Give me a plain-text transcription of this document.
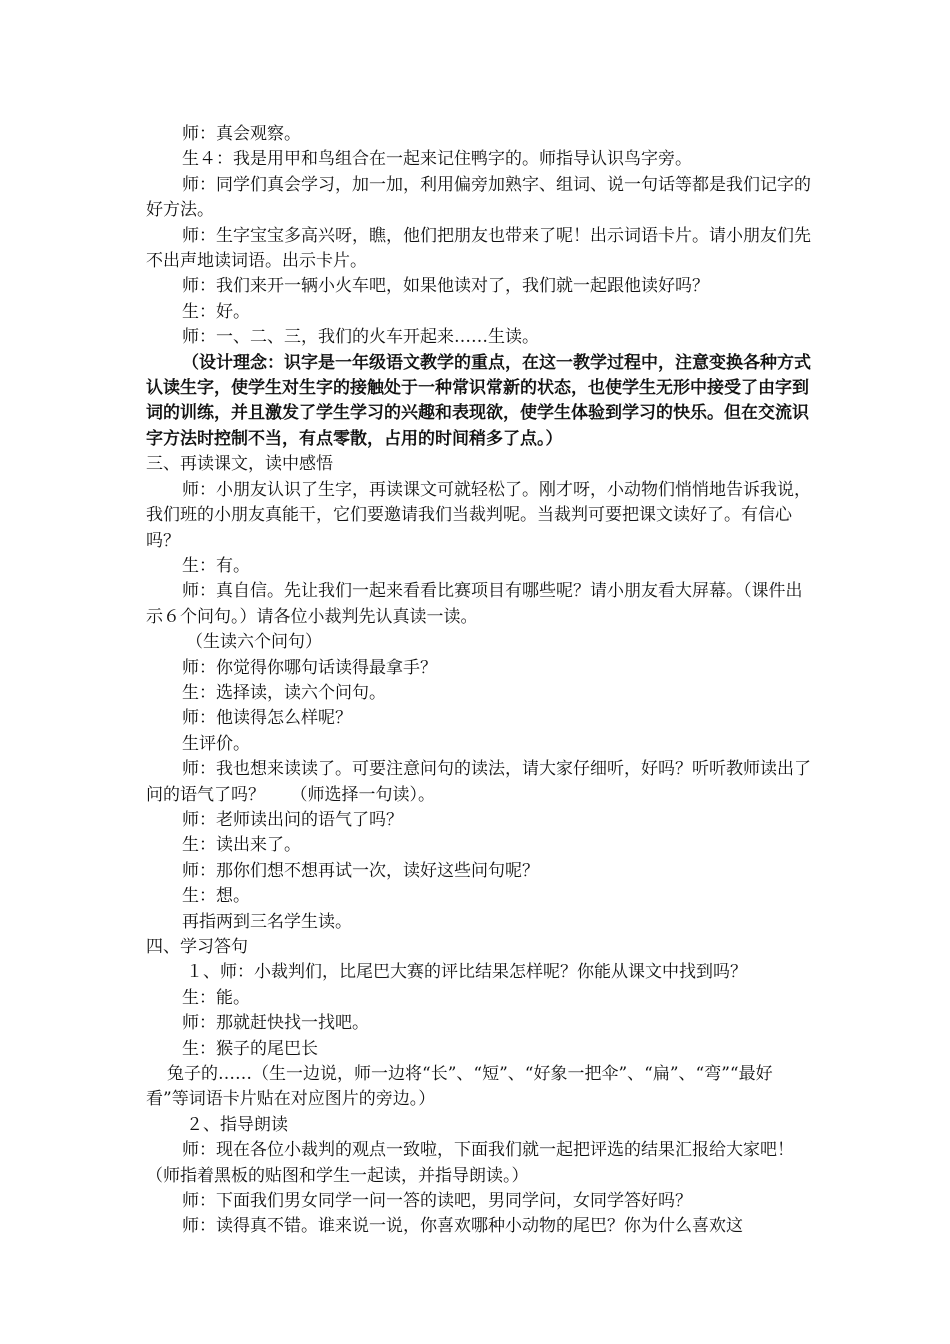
师：真会观察。

生４：我是用甲和鸟组合在一起来记住鸭字的。师指导认识鸟字旁。

师：同学们真会学习，加一加，利用偏旁加熟字、组词、说一句话等都是我们记字的好方法。

师：生字宝宝多高兴呀，瞧，他们把朋友也带来了呢！出示词语卡片。请小朋友们先不出声地读词语。出示卡片。

师：我们来开一辆小火车吧，如果他读对了，我们就一起跟他读好吗？

生：好。

师：一、二、三，我们的火车开起来……生读。

（设计理念：识字是一年级语文教学的重点，在这一教学过程中，注意变换各种方式认读生字，使学生对生字的接触处于一种常识常新的状态，也使学生无形中接受了由字到词的训练，并且激发了学生学习的兴趣和表现欲，使学生体验到学习的快乐。但在交流识字方法时控制不当，有点零散，占用的时间稍多了点。）

三、再读课文，读中感悟

师：小朋友认识了生字，再读课文可就轻松了。刚才呀，小动物们悄悄地告诉我说，我们班的小朋友真能干，它们要邀请我们当裁判呢。当裁判可要把课文读好了。有信心吗？

生：有。

师：真自信。先让我们一起来看看比赛项目有哪些呢？请小朋友看大屏幕。（课件出示６个问句。）请各位小裁判先认真读一读。

（生读六个问句）

师：你觉得你哪句话读得最拿手？

生：选择读，读六个问句。

师：他读得怎么样呢？

生评价。

师：我也想来读读了。可要注意问句的读法，请大家仔细听，好吗？听听教师读出了问的语气了吗？　　（师选择一句读）。

师：老师读出问的语气了吗？

生：读出来了。

师：那你们想不想再试一次，读好这些问句呢？

生：想。

再指两到三名学生读。

四、学习答句

１、师：小裁判们，比尾巴大赛的评比结果怎样呢？你能从课文中找到吗？

生：能。

师：那就赶快找一找吧。

生：猴子的尾巴长

兔子的……（生一边说，师一边将“长”、“短”、“好象一把伞”、“扁”、“弯”“最好看”等词语卡片贴在对应图片的旁边。）

２、指导朗读

师：现在各位小裁判的观点一致啦，下面我们就一起把评选的结果汇报给大家吧！（师指着黑板的贴图和学生一起读，并指导朗读。）

师：下面我们男女同学一问一答的读吧，男同学问，女同学答好吗？

师：读得真不错。谁来说一说，你喜欢哪种小动物的尾巴？你为什么喜欢这
